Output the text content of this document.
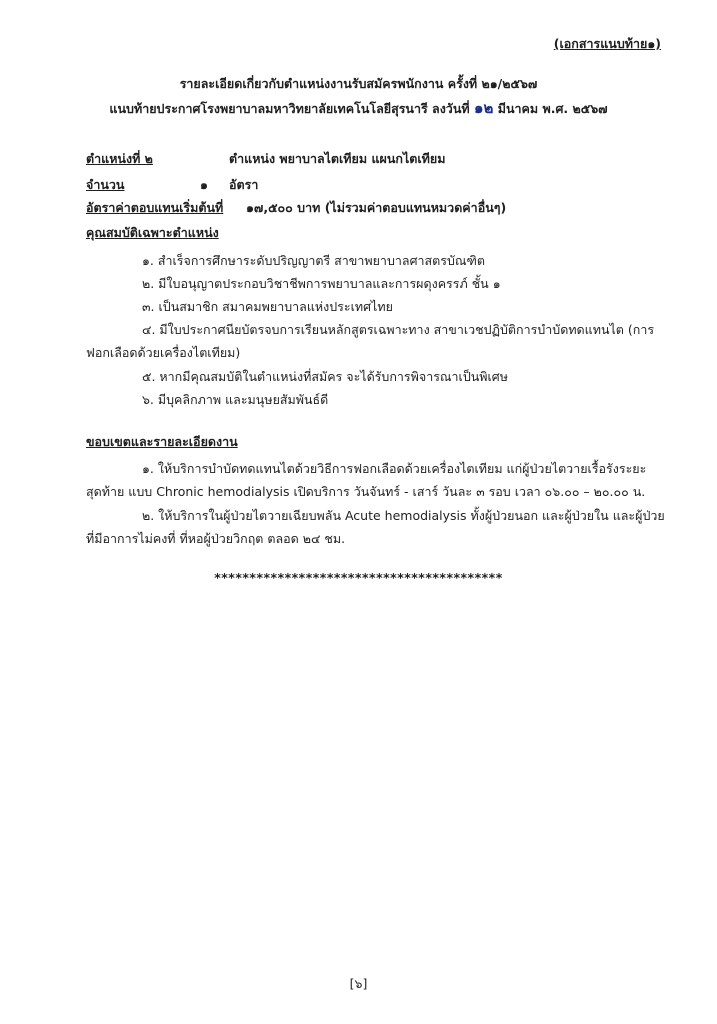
(เอกสารแนบท้าย๑)
รายละเอียดเกี่ยวกับตำแหน่งงานรับสมัครพนักงาน ครั้งที่ ๒๑/๒๕๖๗
แนบท้ายประกาศโรงพยาบาลมหาวิทยาลัยเทคโนโลยีสุรนารี ลงวันที่ ๑๒ มีนาคม พ.ศ. ๒๕๖๗
ตำแหน่งที่ ๒	ตำแหน่ง พยาบาลไตเทียม แผนกไตเทียม
จำนวน	๑ อัตรา
อัตราค่าตอบแทนเริ่มต้นที่ ๑๗,๕๐๐ บาท (ไม่รวมค่าตอบแทนหมวดค่าอื่นๆ)
คุณสมบัติเฉพาะตำแหน่ง
๑. สำเร็จการศึกษาระดับปริญญาตรี สาขาพยาบาลศาสตรบัณฑิต
๒. มีใบอนุญาตประกอบวิชาชีพการพยาบาลและการผดุงครรภ์ ชั้น ๑
๓. เป็นสมาชิก สมาคมพยาบาลแห่งประเทศไทย
๔. มีใบประกาศนียบัตรจบการเรียนหลักสูตรเฉพาะทาง สาขาเวชปฏิบัติการบำบัดทดแทนไต (การ
ฟอกเลือดด้วยเครื่องไตเทียม)
๕. หากมีคุณสมบัติในตำแหน่งที่สมัคร จะได้รับการพิจารณาเป็นพิเศษ
๖. มีบุคลิกภาพ และมนุษยสัมพันธ์ดี
ขอบเขตและรายละเอียดงาน
๑. ให้บริการบำบัดทดแทนไตด้วยวิธีการฟอกเลือดด้วยเครื่องไตเทียม แก่ผู้ป่วยไตวายเรื้อรังระยะ
สุดท้าย แบบ Chronic hemodialysis เปิดบริการ วันจันทร์ - เสาร์ วันละ ๓ รอบ เวลา ๐๖.๐๐ – ๒๐.๐๐ น.
๒. ให้บริการในผู้ป่วยไตวายเฉียบพลัน Acute hemodialysis ทั้งผู้ป่วยนอก และผู้ป่วยใน และผู้ป่วย
ที่มีอาการไม่คงที่ ที่หอผู้ป่วยวิกฤต ตลอด ๒๔ ชม.
*****************************************
[๖]
